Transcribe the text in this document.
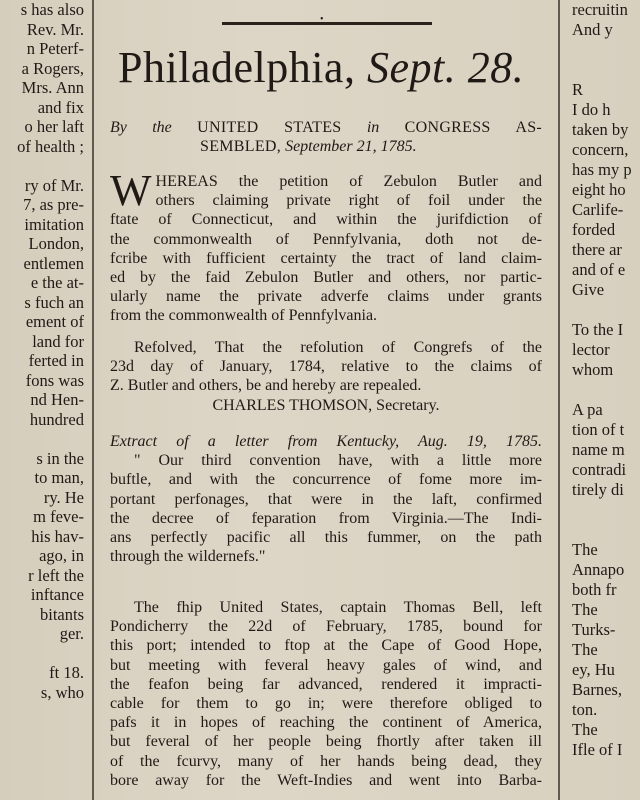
s has also
Rev. Mr.
n Peterf-
a Rogers,
Mrs. Ann
and fix
o her laft
of health ;

ry of Mr.
7, as pre-
imitation
London,
entlemen
e the at-
s fuch an
ement of
land for
ferted in
fons was
nd Hen-
hundred

s in the
to man,
ry. He
m feve-
his hav-
ago, in
r left the
inftance
bitants
ger.

ft 18.
s, who
•
Philadelphia, Sept. 28.
By the UNITED STATES in CONGRESS AS-
SEMBLED, September 21, 1785.
W HEREAS the petition of Zebulon Butler and
others claiming private right of foil under the
ftate of Connecticut, and within the jurifdiction of
the commonwealth of Pennfylvania, doth not de-
fcribe with fufficient certainty the tract of land claim-
ed by the faid Zebulon Butler and others, nor partic-
ularly name the private adverfe claims under grants
from the commonwealth of Pennfylvania.
Refolved, That the refolution of Congrefs of the
23d day of January, 1784, relative to the claims of
Z. Butler and others, be and hereby are repealed.
CHARLES THOMSON, Secretary.
Extract of a letter from Kentucky, Aug. 19, 1785.
" Our third convention have, with a little more
buftle, and with the concurrence of fome more im-
portant perfonages, that were in the laft, confirmed
the decree of feparation from Virginia.—The Indi-
ans perfectly pacific all this fummer, on the path
through the wildernefs."
The fhip United States, captain Thomas Bell, left
Pondicherry the 22d of February, 1785, bound for
this port; intended to ftop at the Cape of Good Hope,
but meeting with feveral heavy gales of wind, and
the feafon being far advanced, rendered it impracti-
cable for them to go in; were therefore obliged to
pafs it in hopes of reaching the continent of America,
but feveral of her people being fhortly after taken ill
of the fcurvy, many of her hands being dead, they
bore away for the Weft-Indies and went into Barba-
recruitin
And y

R
I do h
taken by
concern,
has my p
eight ho
Carlife-
forded
there ar
and of e
Give

To the I
lector
whom

A pa
tion of t
name m
contradi
tirely di

The
Annapo
both fr
The
Turks-
The
ey, Hu
Barnes,
ton.
The
Ifle of I
